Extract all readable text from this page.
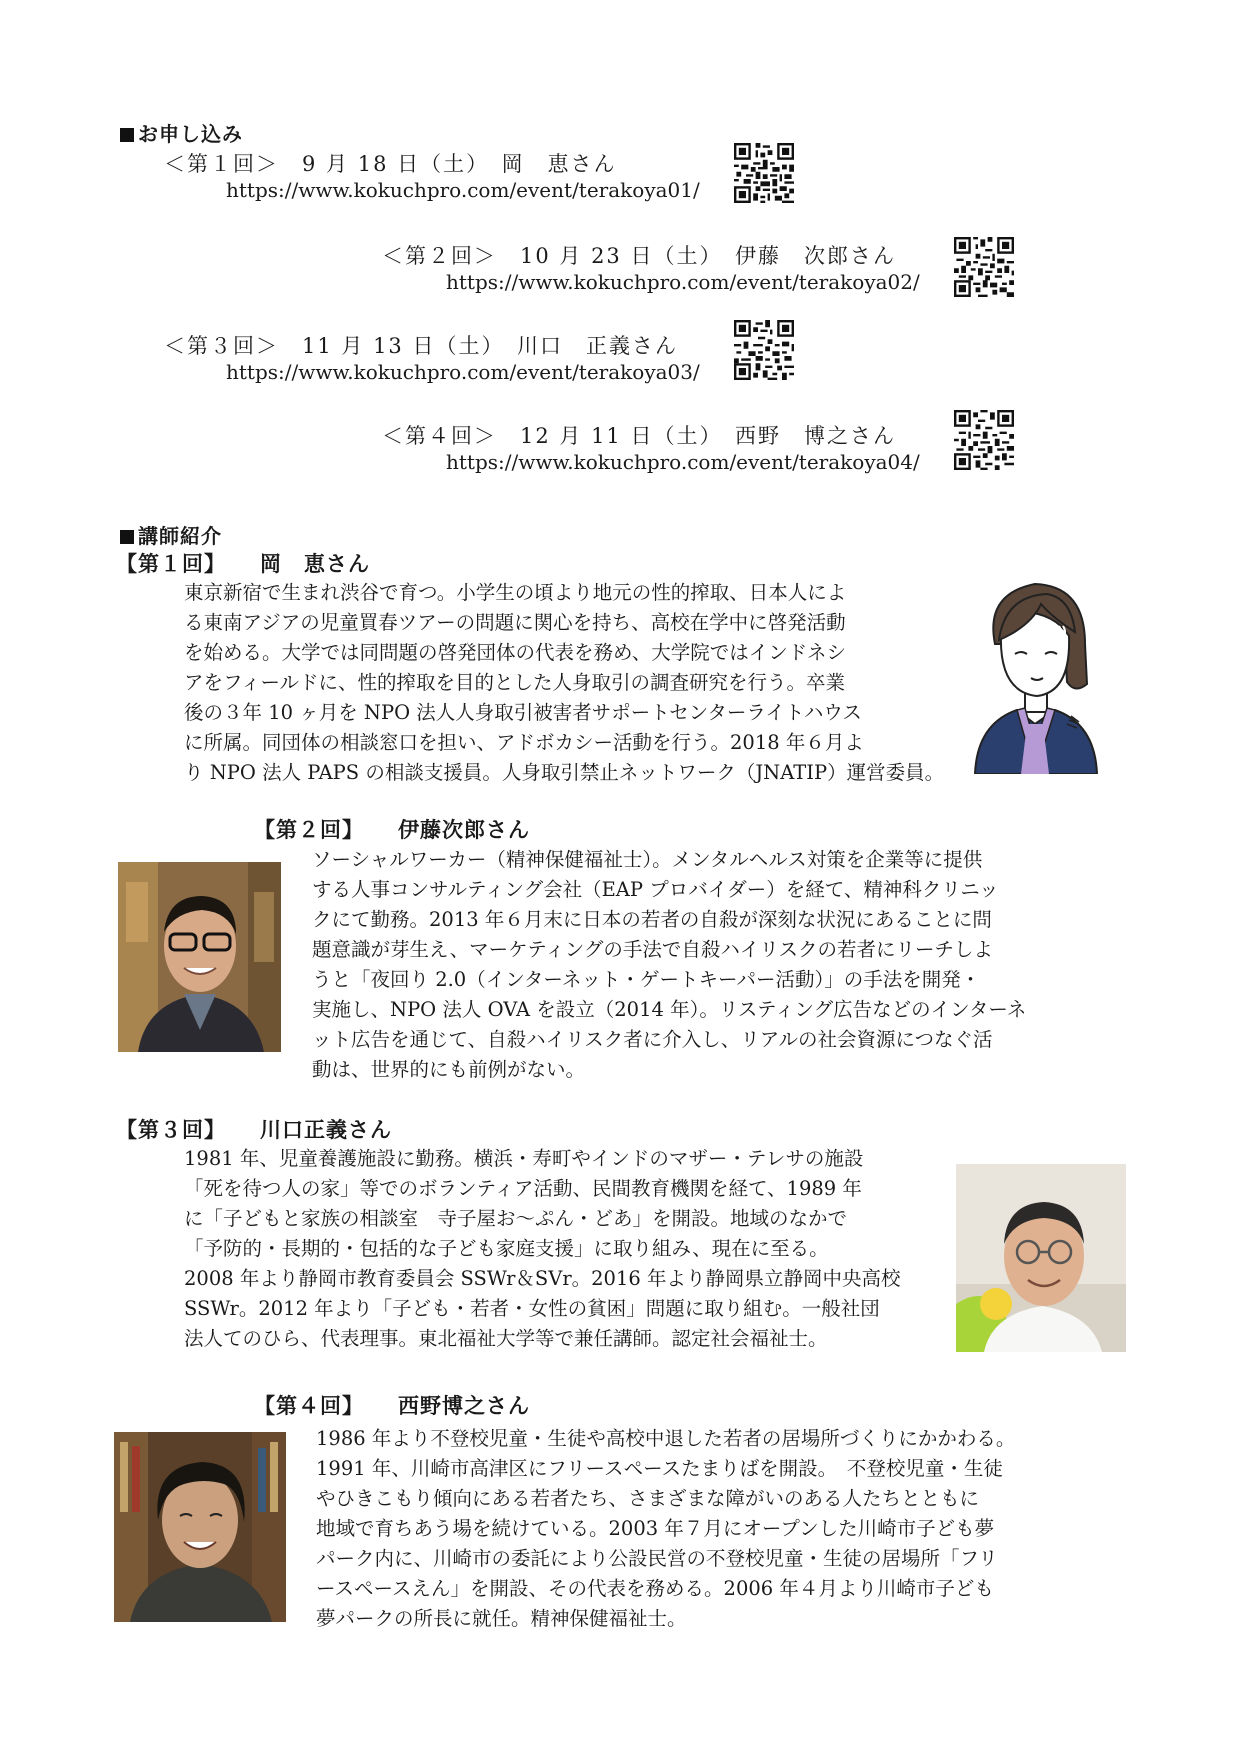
お申し込み
＜第１回＞　9 月 18 日（土）　岡　恵さん
https://www.kokuchpro.com/event/terakoya01/
＜第２回＞　10 月 23 日（土）　伊藤　次郎さん
https://www.kokuchpro.com/event/terakoya02/
＜第３回＞　11 月 13 日（土）　川口　正義さん
https://www.kokuchpro.com/event/terakoya03/
＜第４回＞　12 月 11 日（土）　西野　博之さん
https://www.kokuchpro.com/event/terakoya04/
講師紹介
【第１回】 岡　恵さん
東京新宿で生まれ渋谷で育つ。小学生の頃より地元の性的搾取、日本人によ
る東南アジアの児童買春ツアーの問題に関心を持ち、高校在学中に啓発活動
を始める。大学では同問題の啓発団体の代表を務め、大学院ではインドネシ
アをフィールドに、性的搾取を目的とした人身取引の調査研究を行う。卒業
後の３年 10 ヶ月を NPO 法人人身取引被害者サポートセンターライトハウス
に所属。同団体の相談窓口を担い、アドボカシー活動を行う。2018 年６月よ
り NPO 法人 PAPS の相談支援員。人身取引禁止ネットワーク（JNATIP）運営委員。
【第２回】 伊藤次郎さん
ソーシャルワーカー（精神保健福祉士）。メンタルヘルス対策を企業等に提供
する人事コンサルティング会社（EAP プロバイダー）を経て、精神科クリニッ
クにて勤務。2013 年６月末に日本の若者の自殺が深刻な状況にあることに問
題意識が芽生え、マーケティングの手法で自殺ハイリスクの若者にリーチしよ
うと「夜回り 2.0（インターネット・ゲートキーパー活動）」の手法を開発・
実施し、NPO 法人 OVA を設立（2014 年）。リスティング広告などのインターネ
ット広告を通じて、自殺ハイリスク者に介入し、リアルの社会資源につなぐ活
動は、世界的にも前例がない。
【第３回】 川口正義さん
1981 年、児童養護施設に勤務。横浜・寿町やインドのマザー・テレサの施設
「死を待つ人の家」等でのボランティア活動、民間教育機関を経て、1989 年
に「子どもと家族の相談室　寺子屋お～ぷん・どあ」を開設。地域のなかで
「予防的・長期的・包括的な子ども家庭支援」に取り組み、現在に至る。
2008 年より静岡市教育委員会 SSWr＆SVr。2016 年より静岡県立静岡中央高校
SSWr。2012 年より「子ども・若者・女性の貧困」問題に取り組む。一般社団
法人てのひら、代表理事。東北福祉大学等で兼任講師。認定社会福祉士。
【第４回】 西野博之さん
1986 年より不登校児童・生徒や高校中退した若者の居場所づくりにかかわる。
1991 年、川崎市高津区にフリースペースたまりばを開設。　不登校児童・生徒
やひきこもり傾向にある若者たち、さまざまな障がいのある人たちとともに
地域で育ちあう場を続けている。2003 年７月にオープンした川崎市子ども夢
パーク内に、川崎市の委託により公設民営の不登校児童・生徒の居場所「フリ
ースペースえん」を開設、その代表を務める。2006 年４月より川崎市子ども
夢パークの所長に就任。精神保健福祉士。
